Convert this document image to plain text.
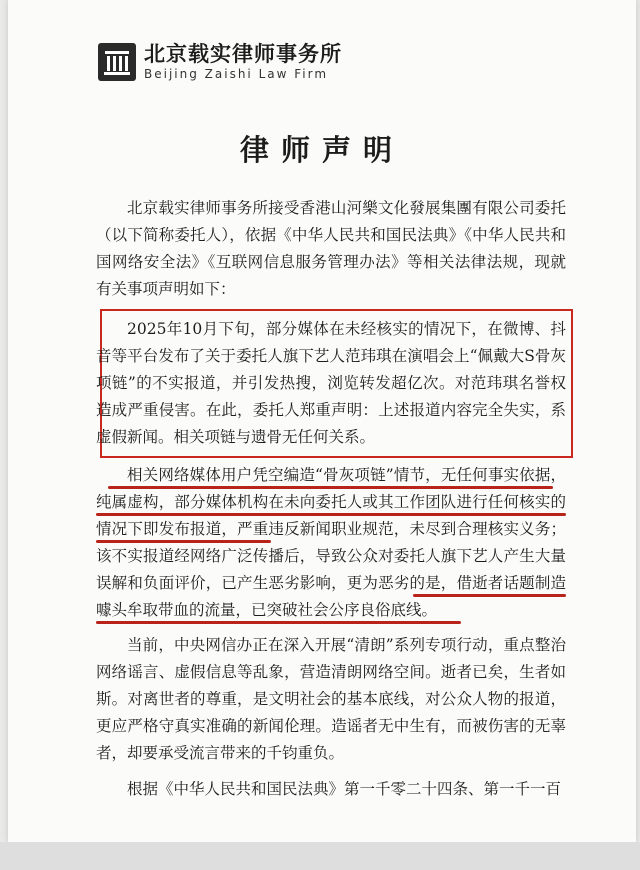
北京载实律师事务所
Beijing Zaishi Law Firm
律师声明
北京载实律师事务所接受香港山河樂文化發展集團有限公司委托（以下简称委托人），依据《中华人民共和国民法典》《中华人民共和国网络安全法》《互联网信息服务管理办法》等相关法律法规，现就有关事项声明如下：
2025年10月下旬，部分媒体在未经核实的情况下，在微博、抖音等平台发布了关于委托人旗下艺人范玮琪在演唱会上“佩戴大S骨灰项链”的不实报道，并引发热搜，浏览转发超亿次。对范玮琪名誉权造成严重侵害。在此，委托人郑重声明：上述报道内容完全失实，系虚假新闻。相关项链与遗骨无任何关系。
相关网络媒体用户凭空编造“骨灰项链”情节，无任何事实依据，纯属虚构，部分媒体机构在未向委托人或其工作团队进行任何核实的情况下即发布报道，严重违反新闻职业规范，未尽到合理核实义务；该不实报道经网络广泛传播后，导致公众对委托人旗下艺人产生大量误解和负面评价，已产生恶劣影响，更为恶劣的是，借逝者话题制造噱头牟取带血的流量，已突破社会公序良俗底线。
当前，中央网信办正在深入开展“清朗”系列专项行动，重点整治网络谣言、虚假信息等乱象，营造清朗网络空间。逝者已矣，生者如斯。对离世者的尊重，是文明社会的基本底线，对公众人物的报道，更应严格守真实准确的新闻伦理。造谣者无中生有，而被伤害的无辜者，却要承受流言带来的千钧重负。
根据《中华人民共和国民法典》第一千零二十四条、第一千一百
